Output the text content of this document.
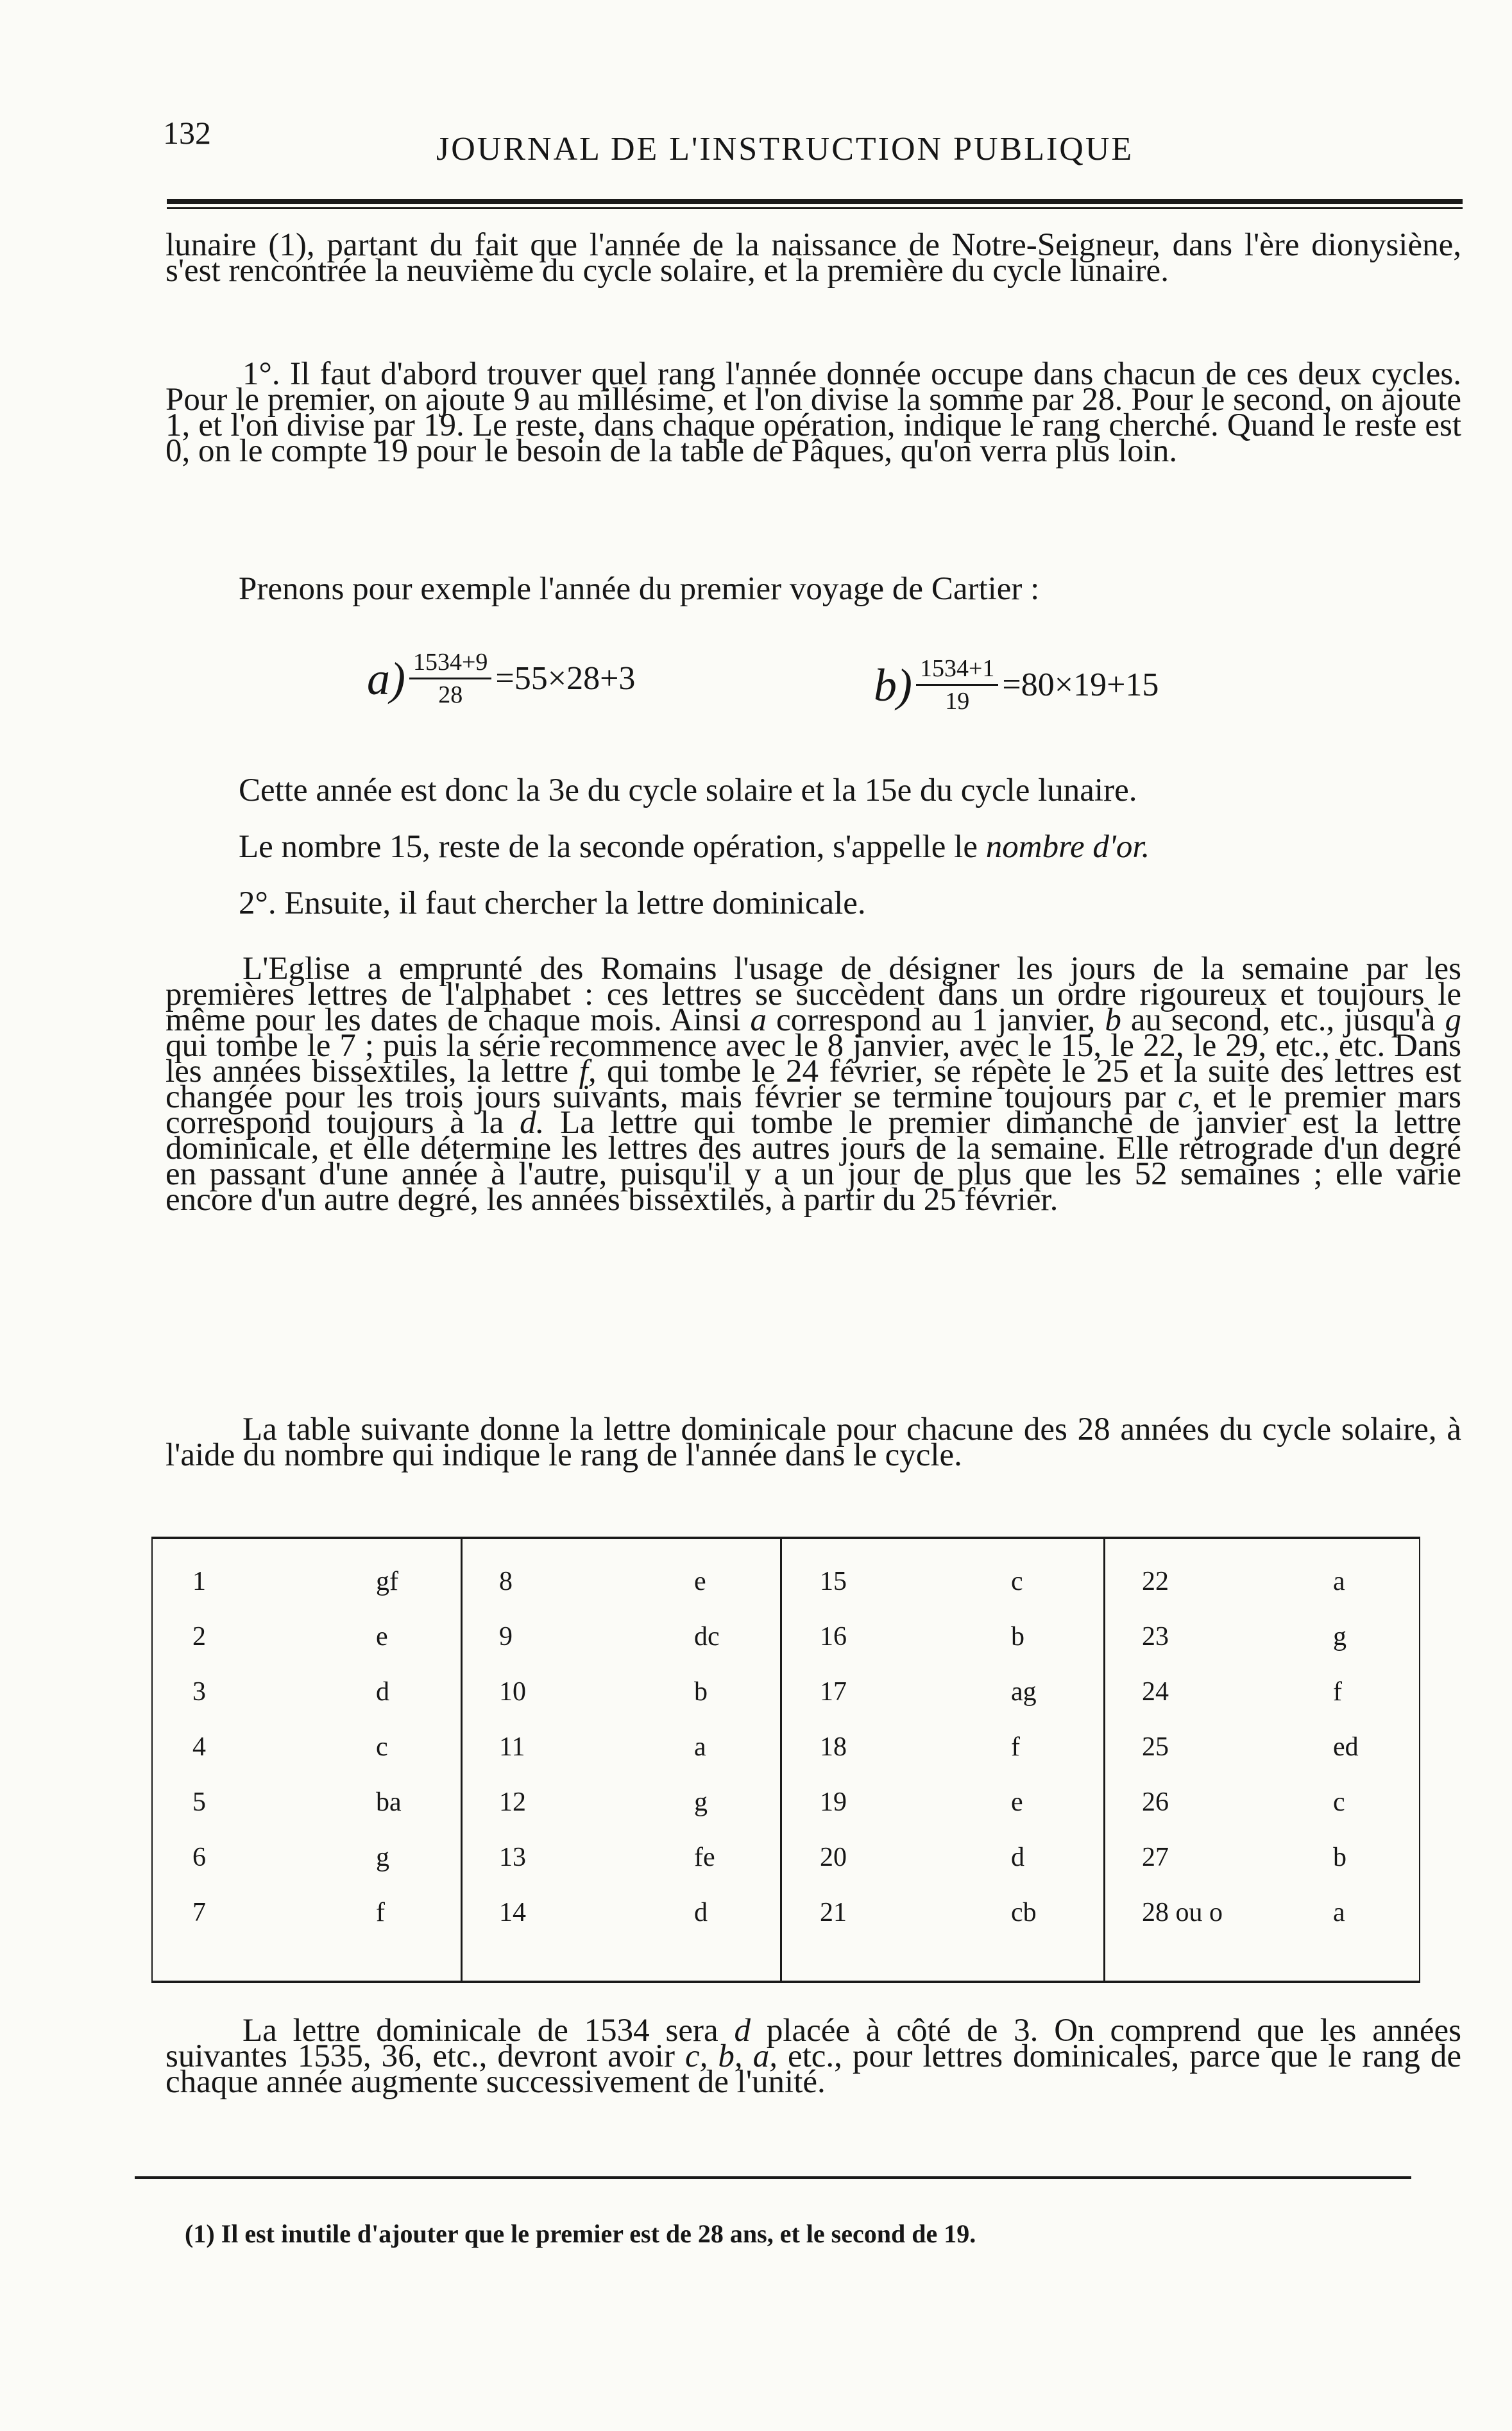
132	JOURNAL DE L'INSTRUCTION PUBLIQUE
lunaire (1), partant du fait que l'année de la naissance de Notre-Seigneur, dans l'ère dionysiène, s'est rencontrée la neuvième du cycle solaire, et la première du cycle lunaire.
1°. Il faut d'abord trouver quel rang l'année donnée occupe dans chacun de ces deux cycles. Pour le premier, on ajoute 9 au millésime, et l'on divise la somme par 28. Pour le second, on ajoute 1, et l'on divise par 19. Le reste, dans chaque opération, indique le rang cherché. Quand le reste est 0, on le compte 19 pour le besoin de la table de Pâques, qu'on verra plus loin.
Prenons pour exemple l'année du premier voyage de Cartier :
$a) \frac{1534+9}{28} =55\times 28+3$	$b) \frac{1534+1}{19} =80\times 19+15$
Cette année est donc la 3e du cycle solaire et la 15e du cycle lunaire.
Le nombre 15, reste de la seconde opération, s'appelle le nombre d'or.
2°. Ensuite, il faut chercher la lettre dominicale.
L'Eglise a emprunté des Romains l'usage de désigner les jours de la semaine par les premières lettres de l'alphabet : ces lettres se succèdent dans un ordre rigoureux et toujours le même pour les dates de chaque mois. Ainsi a correspond au 1 janvier, b au second, etc., jusqu'à g qui tombe le 7 ; puis la série recommence avec le 8 janvier, avec le 15, le 22, le 29, etc., etc. Dans les années bissextiles, la lettre f, qui tombe le 24 février, se répète le 25 et la suite des lettres est changée pour les trois jours suivants, mais février se termine toujours par c, et le premier mars correspond toujours à la d. La lettre qui tombe le premier dimanche de janvier est la lettre dominicale, et elle détermine les lettres des autres jours de la semaine. Elle rétrograde d'un degré en passant d'une année à l'autre, puisqu'il y a un jour de plus que les 52 semaines ; elle varie encore d'un autre degré, les années bissextiles, à partir du 25 février.
La table suivante donne la lettre dominicale pour chacune des 28 années du cycle solaire, à l'aide du nombre qui indique le rang de l'année dans le cycle.
1	gf	8	e	15	c	22	a
2	e	9	dc	16	b	23	g
3	d	10	b	17	ag	24	f
4	c	11	a	18	f	25	ed
5	ba	12	g	19	e	26	c
6	g	13	fe	20	d	27	b
7	f	14	d	21	cb	28 ou o	a
La lettre dominicale de 1534 sera d placée à côté de 3. On comprend que les années suivantes 1535, 36, etc., devront avoir c, b, a, etc., pour lettres dominicales, parce que le rang de chaque année augmente successivement de l'unité.
(1) Il est inutile d'ajouter que le premier est de 28 ans, et le second de 19.
